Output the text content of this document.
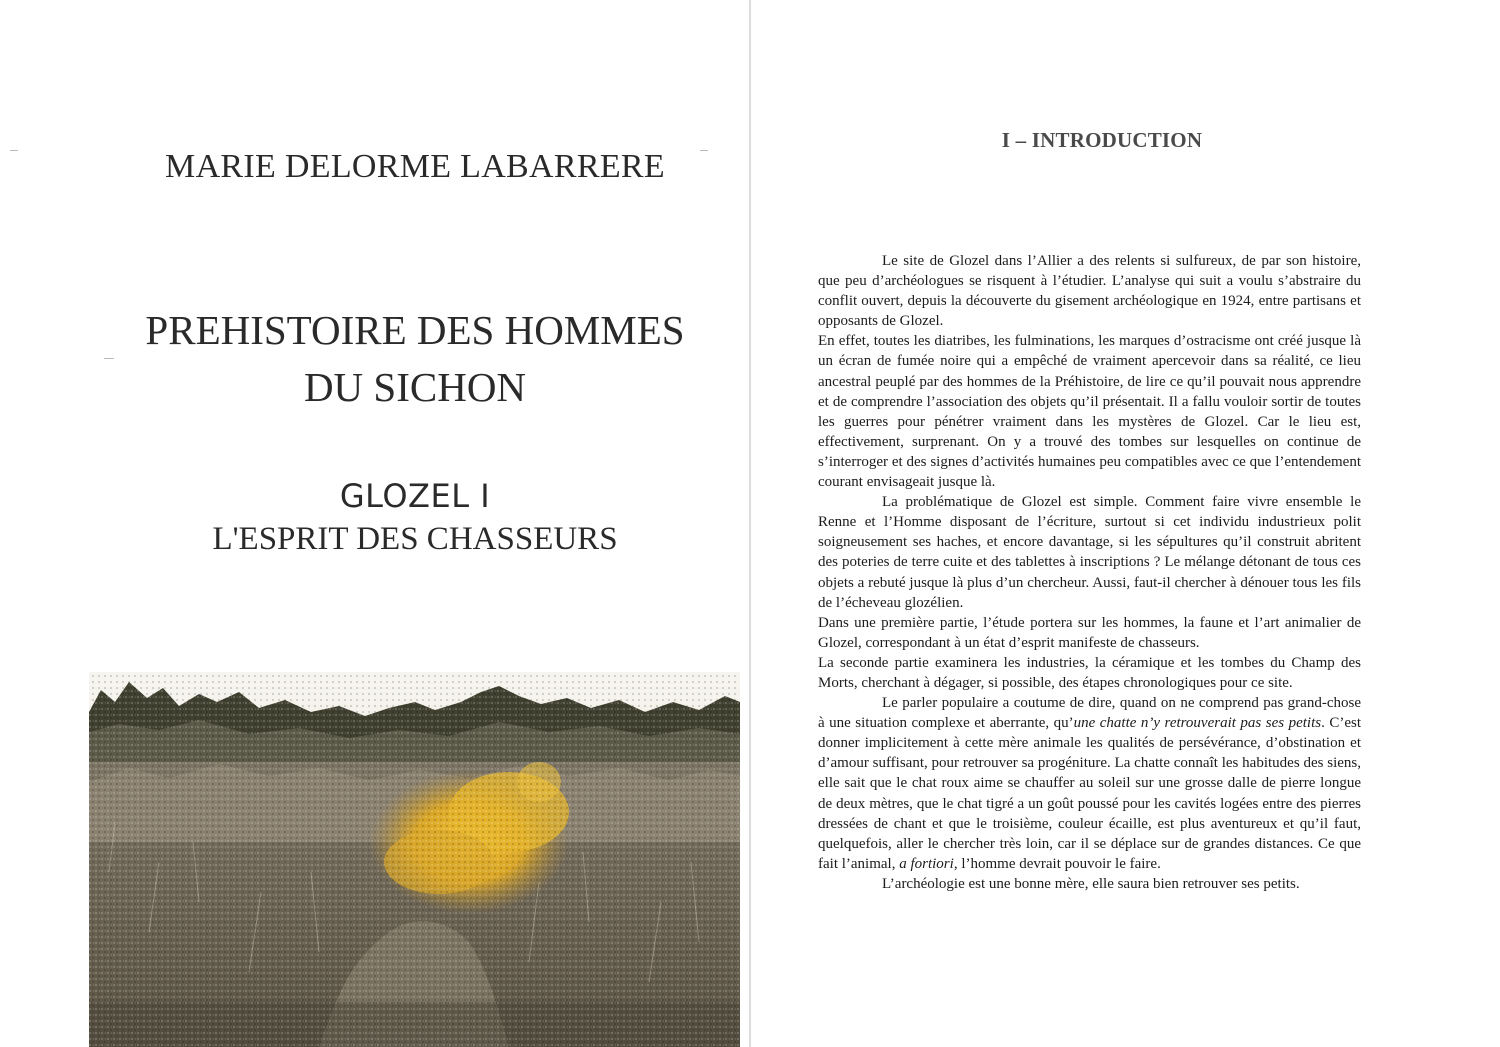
MARIE DELORME LABARRERE
PREHISTOIRE DES HOMMES
DU SICHON
GLOZEL I
L'ESPRIT DES CHASSEURS
I – INTRODUCTION

Le site de Glozel dans l’Allier a des relents si sulfureux, de par son histoire, que peu d’archéologues se risquent à l’étudier. L’analyse qui suit a voulu s’abstraire du conflit ouvert, depuis la découverte du gisement archéologique en 1924, entre partisans et opposants de Glozel.

En effet, toutes les diatribes, les fulminations, les marques d’ostracisme ont créé jusque là un écran de fumée noire qui a empêché de vraiment apercevoir dans sa réalité, ce lieu ancestral peuplé par des hommes de la Préhistoire, de lire ce qu’il pouvait nous apprendre et de comprendre l’association des objets qu’il présentait. Il a fallu vouloir sortir de toutes les guerres pour pénétrer vraiment dans les mystères de Glozel. Car le lieu est, effectivement, surprenant. On y a trouvé des tombes sur lesquelles on continue de s’interroger et des signes d’activités humaines peu compatibles avec ce que l’entendement courant envisageait jusque là.

La problématique de Glozel est simple. Comment faire vivre ensemble le Renne et l’Homme disposant de l’écriture, surtout si cet individu industrieux polit soigneusement ses haches, et encore davantage, si les sépultures qu’il construit abritent des poteries de terre cuite et des tablettes à inscriptions ? Le mélange détonant de tous ces objets a rebuté jusque là plus d’un chercheur. Aussi, faut-il chercher à dénouer tous les fils de l’écheveau glozélien.

Dans une première partie, l’étude portera sur les hommes, la faune et l’art animalier de Glozel, correspondant à un état d’esprit manifeste de chasseurs.

La seconde partie examinera les industries, la céramique et les tombes du Champ des Morts, cherchant à dégager, si possible, des étapes chronologiques pour ce site.

Le parler populaire a coutume de dire, quand on ne comprend pas grand-chose à une situation complexe et aberrante, qu’une chatte n’y retrouverait pas ses petits. C’est donner implicitement à cette mère animale les qualités de persévérance, d’obstination et d’amour suffisant, pour retrouver sa progéniture. La chatte connaît les habitudes des siens, elle sait que le chat roux aime se chauffer au soleil sur une grosse dalle de pierre longue de deux mètres, que le chat tigré a un goût poussé pour les cavités logées entre des pierres dressées de chant et que le troisième, couleur écaille, est plus aventureux et qu’il faut, quelquefois, aller le chercher très loin, car il se déplace sur de grandes distances. Ce que fait l’animal, a fortiori, l’homme devrait pouvoir le faire.

L’archéologie est une bonne mère, elle saura bien retrouver ses petits.
